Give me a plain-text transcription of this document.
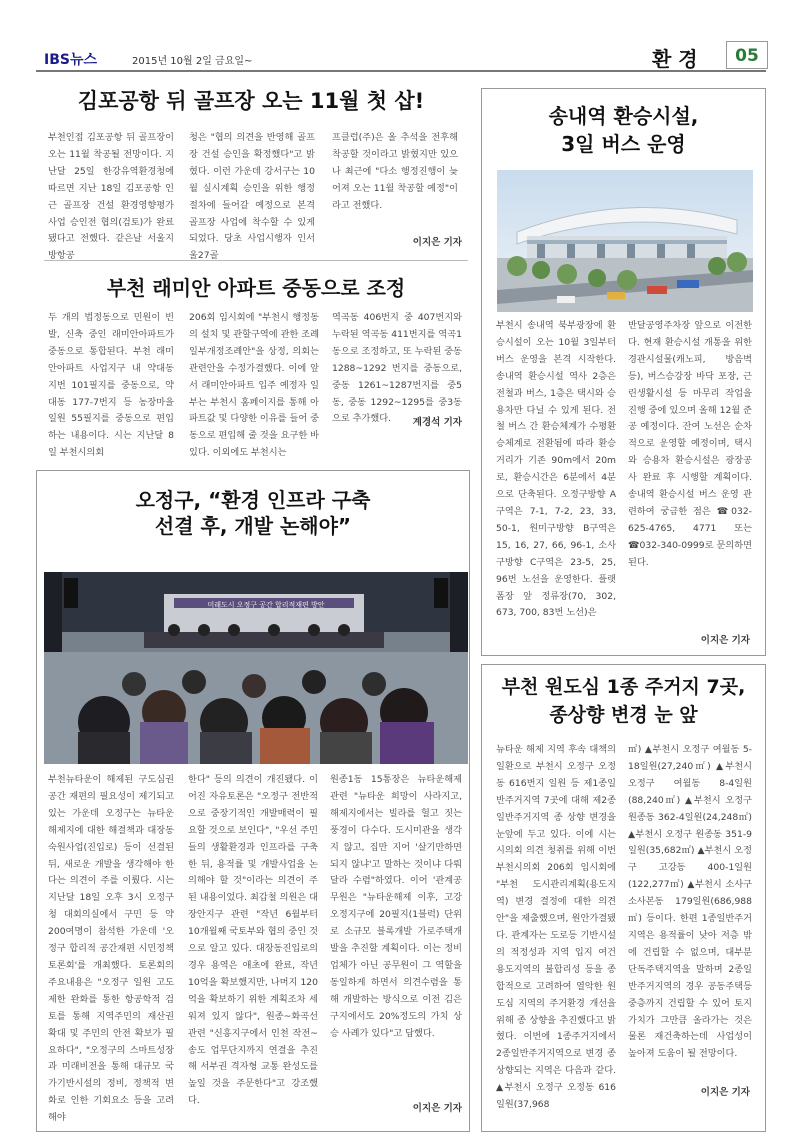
IBS뉴스	2015년 10월 2일 금요일~	환 경	05
김포공항 뒤 골프장 오는 11월 첫 삽!
부천인접 김포공항 뒤 골프장이 오는 11월 착공될 전망이다. 지난달 25일 한강유역환경청에 따르면 지난 18일 김포공항 인근 골프장 건설 환경영향평가 사업 승인전 협의(검토)가 완료됐다고 전했다. 같은날 서울지방항공
청은 "협의 의견을 반영해 골프장 건설 승인을 확정했다"고 밝혔다. 이런 가운데 강서구는 10월 실시계획 승인을 위한 행정절차에 들어갈 예정으로 본격 골프장 사업에 착수할 수 있게 되었다. 당초 사업시행자 인서울27골
프클럽(주)은 올 추석을 전후해 착공할 것이라고 밝혔지만 있으나 최근에 "다소 행정진행이 늦어져 오는 11월 착공할 예정"이라고 전했다.
이지은 기자
부천 래미안 아파트 중동으로 조정
두 개의 법정동으로 민원이 빈발, 신축 중인 래미안아파트가 중동으로 통합된다. 부천 래미안아파트 사업지구 내 약대동 지번 101필지를 중동으로, 약대동 177-7번지 등 농장마을 일원 55필지를 중동으로 편입하는 내용이다. 시는 지난달 8일 부천시의회
206회 임시회에 "부천시 행정동의 설치 및 관할구역에 관한 조례 일부개정조례안"을 상정, 의회는 관련안을 수정가결했다. 이에 앞서 래미안아파트 입주 예정자 일부는 부천시 홈페이지를 통해 아파트값 및 다양한 이유를 들어 중동으로 편입해 줄 것을 요구한 바 있다. 이외에도 부천시는
역곡동 406번지 중 407번지와 누락된 역곡동 411번지를 역곡1동으로 조정하고, 또 누락된 중동 1288~1292 번지를 중동으로, 중동 1261~1287번지를 중5동, 중동 1292~1295를 중3동으로 추가했다.	계경석 기자
오정구, “환경 인프라 구축
선결 후, 개발 논해야”
미래도시 오정구 공간 합리적재편 방안
부천뉴타운이 해제된 구도심권 공간 재편의 필요성이 제기되고 있는 가운데 오정구는 뉴타운 해제지에 대한 해결책과 대장동숙원사업(진입로) 등이 선결된 뒤, 새로운 개발을 생각해야 한다는 의견이 주를 이뤘다. 시는 지난달 18일 오후 3시 오정구청 대회의실에서 구민 등 약 200여명이 참석한 가운데 '오정구 합리적 공간재편 시민정책 토론회'를 개최했다. 토론회의 주요내용은 "오정구 일원 고도제한 완화를 통한 항공학적 검토를 통해 지역주민의 재산권 확대 및 주민의 안전 확보가 필요하다", "오정구의 스마트성장과 미래비전을 통해 대규모 국가기반시설의 정비, 정책적 변화로 인한 기회요소 등을 고려해야
한다" 등의 의견이 개진됐다. 이어진 자유토론은 "오정구 전반적으로 중장기적인 개발매력이 필요할 것으로 보인다", "우선 주민들의 생활환경과 인프라를 구축한 뒤, 용적률 및 개발사업을 논의해야 할 것"이라는 의견이 주된 내용이었다. 최갑철 의원은 대장안지구 관련 "작년 6월부터 10개월째 국토부와 협의 중인 것으로 알고 있다. 대장동진입로의 경우 용역은 애초에 완료, 작년 10억을 확보했지만, 나머지 120억을 확보하기 위한 계획조차 세워져 있지 않다", 원종~화곡선 관련 "신흥지구에서 인천 작전~송도 업무단지까지 연결을 추진해 서부권 격자형 교통 완성도를 높일 것을 주문한다"고 강조했다.
원종1동 15통장은 뉴타운해제 관련 "뉴타운 희망이 사라지고, 해제지에서는 빌라를 헐고 짓는 풍경이 다수다. 도시미관을 생각지 않고, 집만 지어 '살기만하면 되지 않냐'고 말하는 것이냐 다뤄달라 수렴"하였다. 이어 '관계공무원은 "뉴타운해제 이후, 고강 오정지구에 20필지(1블럭) 단위로 소규모 블록개발 가로주택개발을 추진할 계획이다. 이는 정비업체가 아닌 공무원이 그 역할을 동일하게 하면서 의견수렴을 통해 개발하는 방식으로 이전 김은구지에서도 20%정도의 가치 상승 사례가 있다"고 답했다.
이지은 기자
송내역 환승시설,
3일 버스 운영
부천시 송내역 북부광장에 환승시설이 오는 10월 3일부터 버스 운영을 본격 시작한다. 송내역 환승시설 역사 2층은 전철과 버스, 1층은 택시와 승용차만 다닐 수 있게 된다. 전철 버스 간 환승체계가 수평환승체계로 전환됨에 따라 환승거리가 기존 90m에서 20m로, 환승시간은 6분에서 4분으로 단축된다. 오정구방향 A구역은 7-1, 7-2, 23, 33, 50-1, 원미구방향 B구역은 15, 16, 27, 66, 96-1, 소사구방향 C구역은 23-5, 25, 96번 노선을 운영한다. 플랫폼장 앞 정류장(70, 302, 673, 700, 83번 노선)은
반달공영주차장 앞으로 이전한다. 현재 환승시설 개통을 위한 경관시설물(캐노피, 방음벽 등), 버스승강장 바닥 포장, 근린생활시설 등 마무리 작업을 진행 중에 있으며 올해 12월 준공 예정이다. 잔여 노선은 순차적으로 운영할 예정이며, 택시와 승용차 환승시설은 광장공사 완료 후 시행할 계획이다. 송내역 환승시설 버스 운영 관련하여 궁금한 점은 ☎032-625-4765, 4771 또는 ☎032-340-0999로 문의하면 된다.
이지은 기자
부천 원도심 1종 주거지 7곳,
종상향 변경 눈 앞
뉴타운 해제 지역 후속 대책의 일환으로 부천시 오정구 오정동 616번지 일원 등 제1종일반주거지역 7곳에 대해 제2종일반주거지역 종 상향 변경을 눈앞에 두고 있다. 이에 시는 시의회 의견 청취를 위해 이번 부천시의회 206회 임시회에 "부천 도시관리계획(용도지역) 변경 결정에 대한 의견안"을 제출했으며, 원안가결됐다. 관계자는 도로등 기반시설의 적정성과 지역 입지 여건 용도지역의 불합리성 등을 종합적으로 고려하여 열악한 원도심 지역의 주거환경 개선을 위해 종 상향을 추진했다고 밝혔다. 이번에 1종주거지에서 2종일반주거지역으로 변경 종 상향되는 지역은 다음과 같다. ▲부천시 오정구 오정동 616일원(37,968
㎡) ▲부천시 오정구 여월동 5-18일원(27,240㎡) ▲부천시 오정구 여월동 8-4일원(88,240㎡) ▲부천시 오정구 원종동 362-4일원(24,248㎡) ▲부천시 오정구 원종동 351-9일원(35,682㎡) ▲부천시 오정구 고강동 400-1일원(122,277㎡) ▲부천시 소사구 소사본동 179일원(686,988㎡) 등이다. 한편 1종일반주거지역은 용적률이 낮아 저층 밖에 건립할 수 없으며, 대부분 단독주택지역을 말하며 2종일반주거지역의 경우 공동주택등 중층까지 건립할 수 있어 토지 가치가 그만큼 올라가는 것은 물론 재건축하는데 사업성이 높아져 도움이 될 전망이다.
이지은 기자
